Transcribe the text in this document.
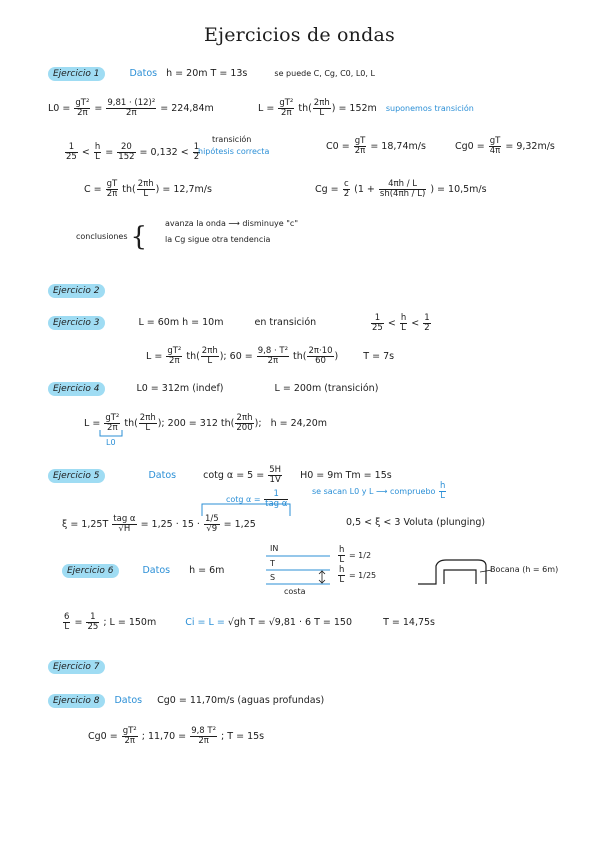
Ejercicios de ondas
Ejercicio 1	Datos h = 20m T = 13s	se puede C, Cg, C0, L0, L
$L0 = \frac{\text{gT²}}{2\pi} = \frac{\text{9,81 · (12)²}}{2\pi} = 224,84m$	$L = \frac{\text{gT²}}{2\pi} th( \frac{2\pi h}{L}$ ) = 152m suponemos transición
$C0 = \frac{gT}{2\pi} = 18,74m/s$	$Cg0 = \frac{gT}{4\pi} = 9,32m/s$
$\frac{1}{25} < \frac{h}{L} = \frac{20}{152} = 0,132 < \frac{1}{2}$
transición
hipótesis correcta
$C = \frac{gT}{2\pi} th( \frac{2\pi h}{L}$ ) = 12,7m/s	$Cg = \frac{c}{2} (1 + \frac{4\pi h / L}{sh(4\pi h / L)}$ ) = 10,5m/s
conclusiones { avanza la onda ⟶ disminuye "c"
la Cg sigue otra tendencia
Ejercicio 2
Ejercicio 3	L = 60m h = 10m	en transición	$\frac{1}{25} < \frac{h}{L} < \frac{1}{2}$
$L = \frac{\text{gT²}}{2\pi} th( \frac{2\pi h}{L}$ ); $60 = \frac{\text{9,8 · T²}}{2\pi} th( \frac{2\pi\cdot 10}{60}$ )	T = 7s
Ejercicio 4	L0 = 312m (indef)	L = 200m (transición)
$L = \frac{\text{gT²}}{2\pi} th( \frac{2\pi h}{L}$ ); 200 = 312 $th( \frac{2\pi h}{200}$ ); h = 24,20m
L0
Ejercicio 5	Datos	cotg $\alpha = 5 = \frac{5H}{1V} H0 = 9m$ Tm = 15s
se sacan L0 y L ⟶ compruebo $\frac{h}{L}$
cotg $\alpha = \frac{1}{\text{tag α}}$
$\xi = 1,25T \frac{\text{tag α}}{√H} = 1,25 \cdot 15 \cdot \frac{1/5}{√9} = 1,25$	0,5 < ξ < 3 Voluta (plunging)
Ejercicio 6	Datos h = 6m
IN
T
S
costa
$\frac{h}{L} = 1/2$
$\frac{h}{L} = 1/25$
Bocana (h = 6m)
$\frac{6}{L} = \frac{1}{25}$ ; L = 150m	Ci = L = √gh T = √9,81 · 6 T = 150	T = 14,75s
Ejercicio 7
Ejercicio 8 Datos Cg0 = 11,70m/s (aguas profundas)
$Cg0 = \frac{\text{gT²}}{2\pi}$ ; $11,70 = \frac{\text{9,8 T²}}{2\pi}$ ; T = 15s
